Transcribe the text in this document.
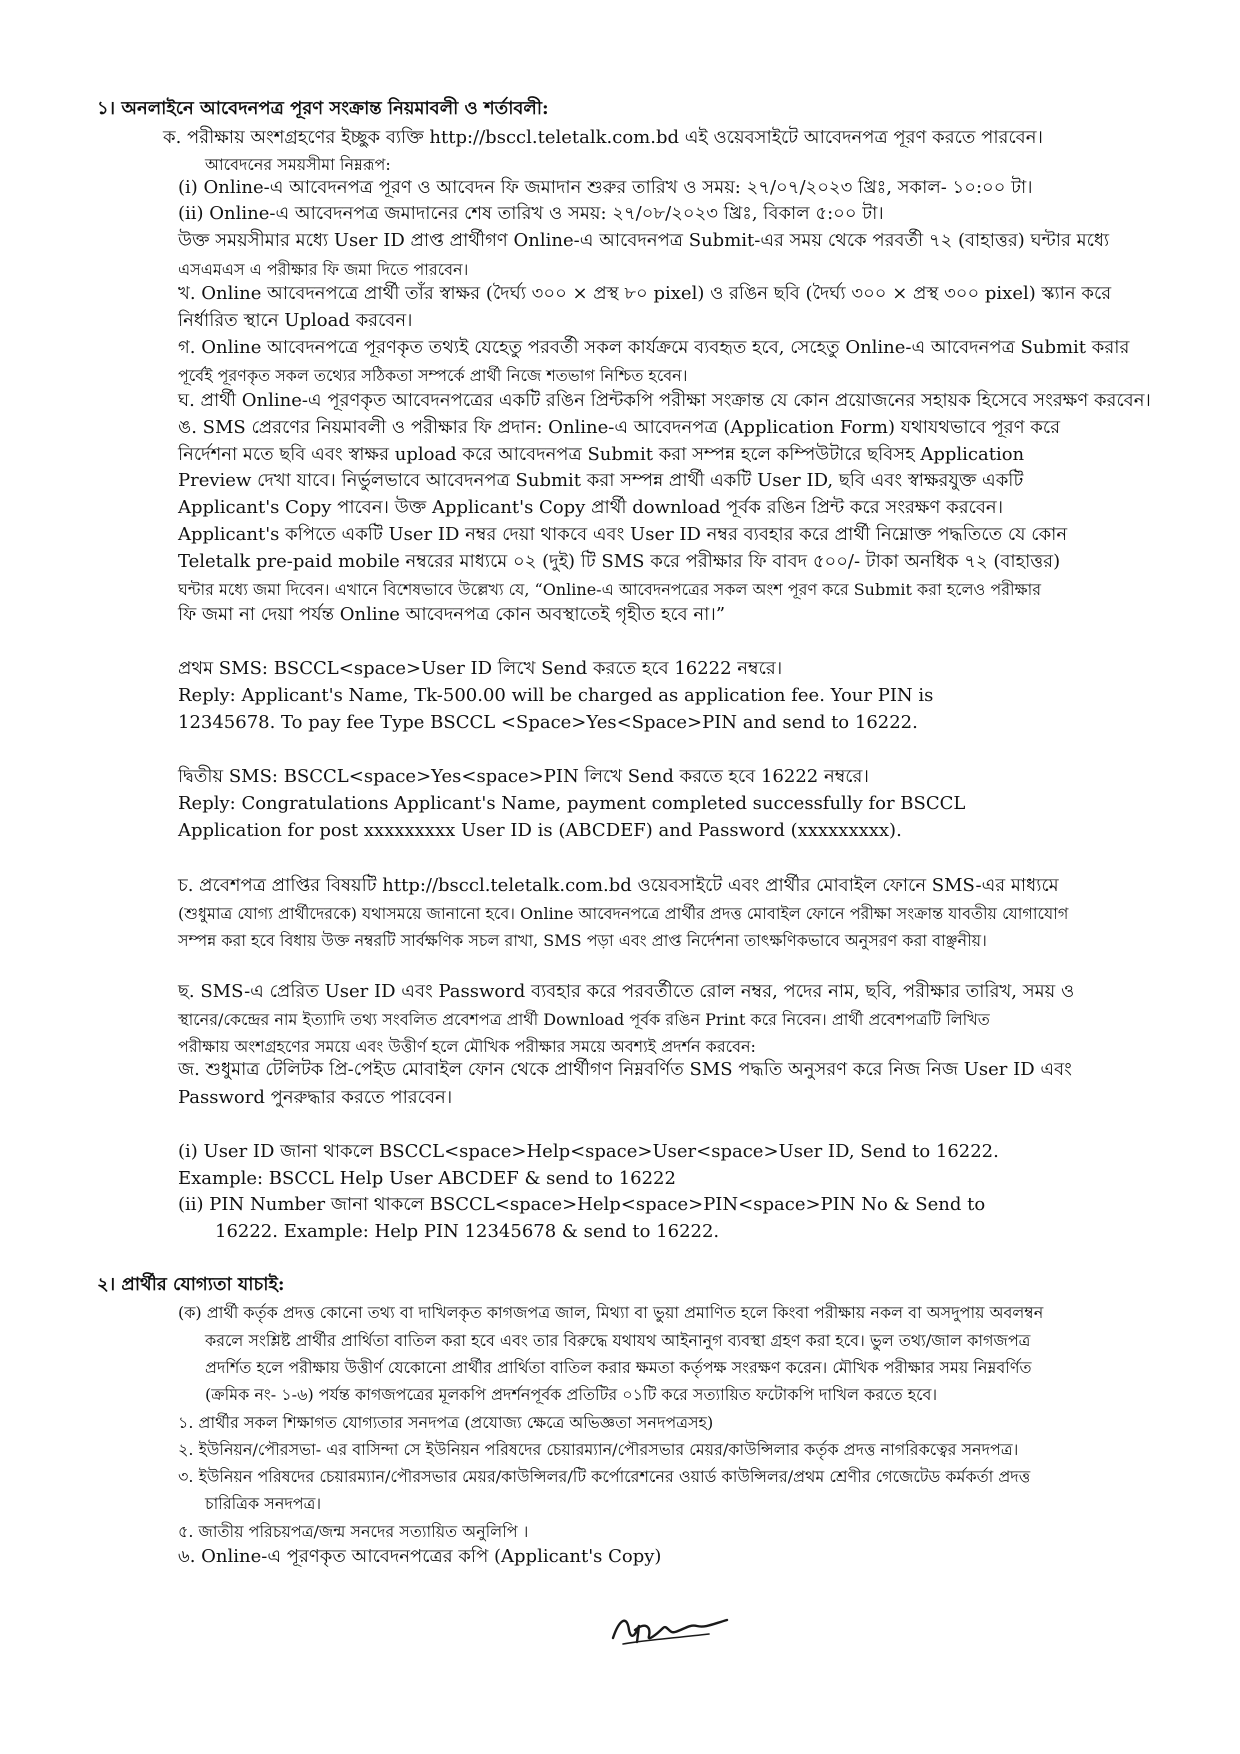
১। অনলাইনে আবেদনপত্র পূরণ সংক্রান্ত নিয়মাবলী ও শর্তাবলী:
ক. পরীক্ষায় অংশগ্রহণের ইচ্ছুক ব্যক্তি http://bsccl.teletalk.com.bd এই ওয়েবসাইটে আবেদনপত্র পূরণ করতে পারবেন।
আবেদনের সময়সীমা নিম্নরূপ:
(i) Online-এ আবেদনপত্র পূরণ ও আবেদন ফি জমাদান শুরুর তারিখ ও সময়: ২৭/০৭/২০২৩ খ্রিঃ, সকাল- ১০:০০ টা।
(ii) Online-এ আবেদনপত্র জমাদানের শেষ তারিখ ও সময়: ২৭/০৮/২০২৩ খ্রিঃ, বিকাল ৫:০০ টা।
উক্ত সময়সীমার মধ্যে User ID প্রাপ্ত প্রার্থীগণ Online-এ আবেদনপত্র Submit-এর সময় থেকে পরবর্তী ৭২ (বাহাত্তর) ঘন্টার মধ্যে
এসএমএস এ পরীক্ষার ফি জমা দিতে পারবেন।
খ. Online আবেদনপত্রে প্রার্থী তাঁর স্বাক্ষর (দৈর্ঘ্য ৩০০ × প্রস্থ ৮০ pixel) ও রঙিন ছবি (দৈর্ঘ্য ৩০০ × প্রস্থ ৩০০ pixel) স্ক্যান করে
নির্ধারিত স্থানে Upload করবেন।
গ. Online আবেদনপত্রে পূরণকৃত তথ্যই যেহেতু পরবর্তী সকল কার্যক্রমে ব্যবহৃত হবে, সেহেতু Online-এ আবেদনপত্র Submit করার
পূর্বেই পূরণকৃত সকল তথ্যের সঠিকতা সম্পর্কে প্রার্থী নিজে শতভাগ নিশ্চিত হবেন।
ঘ. প্রার্থী Online-এ পূরণকৃত আবেদনপত্রের একটি রঙিন প্রিন্টকপি পরীক্ষা সংক্রান্ত যে কোন প্রয়োজনের সহায়ক হিসেবে সংরক্ষণ করবেন।
ঙ. SMS প্রেরণের নিয়মাবলী ও পরীক্ষার ফি প্রদান: Online-এ আবেদনপত্র (Application Form) যথাযথভাবে পূরণ করে
নির্দেশনা মতে ছবি এবং স্বাক্ষর upload করে আবেদনপত্র Submit করা সম্পন্ন হলে কম্পিউটারে ছবিসহ Application
Preview দেখা যাবে। নির্ভুলভাবে আবেদনপত্র Submit করা সম্পন্ন প্রার্থী একটি User ID, ছবি এবং স্বাক্ষরযুক্ত একটি
Applicant's Copy পাবেন। উক্ত Applicant's Copy প্রার্থী download পূর্বক রঙিন প্রিন্ট করে সংরক্ষণ করবেন।
Applicant's কপিতে একটি User ID নম্বর দেয়া থাকবে এবং User ID নম্বর ব্যবহার করে প্রার্থী নিম্নোক্ত পদ্ধতিতে যে কোন
Teletalk pre-paid mobile নম্বরের মাধ্যমে ০২ (দুই) টি SMS করে পরীক্ষার ফি বাবদ ৫০০/- টাকা অনধিক ৭২ (বাহাত্তর)
ঘন্টার মধ্যে জমা দিবেন। এখানে বিশেষভাবে উল্লেখ্য যে, “Online-এ আবেদনপত্রের সকল অংশ পূরণ করে Submit করা হলেও পরীক্ষার
ফি জমা না দেয়া পর্যন্ত Online আবেদনপত্র কোন অবস্থাতেই গৃহীত হবে না।”
প্রথম SMS: BSCCL<space>User ID লিখে Send করতে হবে 16222 নম্বরে।
Reply: Applicant's Name, Tk-500.00 will be charged as application fee. Your PIN is
12345678. To pay fee Type BSCCL <Space>Yes<Space>PIN and send to 16222.
দ্বিতীয় SMS: BSCCL<space>Yes<space>PIN লিখে Send করতে হবে 16222 নম্বরে।
Reply: Congratulations Applicant's Name, payment completed successfully for BSCCL
Application for post xxxxxxxxx User ID is (ABCDEF) and Password (xxxxxxxxx).
চ. প্রবেশপত্র প্রাপ্তির বিষয়টি http://bsccl.teletalk.com.bd ওয়েবসাইটে এবং প্রার্থীর মোবাইল ফোনে SMS-এর মাধ্যমে
(শুধুমাত্র যোগ্য প্রার্থীদেরকে) যথাসময়ে জানানো হবে। Online আবেদনপত্রে প্রার্থীর প্রদত্ত মোবাইল ফোনে পরীক্ষা সংক্রান্ত যাবতীয় যোগাযোগ
সম্পন্ন করা হবে বিধায় উক্ত নম্বরটি সার্বক্ষণিক সচল রাখা, SMS পড়া এবং প্রাপ্ত নির্দেশনা তাৎক্ষণিকভাবে অনুসরণ করা বাঞ্ছনীয়।
ছ. SMS-এ প্রেরিত User ID এবং Password ব্যবহার করে পরবর্তীতে রোল নম্বর, পদের নাম, ছবি, পরীক্ষার তারিখ, সময় ও
স্থানের/কেন্দ্রের নাম ইত্যাদি তথ্য সংবলিত প্রবেশপত্র প্রার্থী Download পূর্বক রঙিন Print করে নিবেন। প্রার্থী প্রবেশপত্রটি লিখিত
পরীক্ষায় অংশগ্রহণের সময়ে এবং উত্তীর্ণ হলে মৌখিক পরীক্ষার সময়ে অবশ্যই প্রদর্শন করবেন:
জ. শুধুমাত্র টেলিটক প্রি-পেইড মোবাইল ফোন থেকে প্রার্থীগণ নিম্নবর্ণিত SMS পদ্ধতি অনুসরণ করে নিজ নিজ User ID এবং
Password পুনরুদ্ধার করতে পারবেন।
(i) User ID জানা থাকলে BSCCL<space>Help<space>User<space>User ID, Send to 16222.
Example: BSCCL Help User ABCDEF & send to 16222
(ii) PIN Number জানা থাকলে BSCCL<space>Help<space>PIN<space>PIN No & Send to
16222. Example: Help PIN 12345678 & send to 16222.
২। প্রার্থীর যোগ্যতা যাচাই:
(ক) প্রার্থী কর্তৃক প্রদত্ত কোনো তথ্য বা দাখিলকৃত কাগজপত্র জাল, মিথ্যা বা ভুয়া প্রমাণিত হলে কিংবা পরীক্ষায় নকল বা অসদুপায় অবলম্বন
করলে সংশ্লিষ্ট প্রার্থীর প্রার্থিতা বাতিল করা হবে এবং তার বিরুদ্ধে যথাযথ আইনানুগ ব্যবস্থা গ্রহণ করা হবে। ভুল তথ্য/জাল কাগজপত্র
প্রদর্শিত হলে পরীক্ষায় উত্তীর্ণ যেকোনো প্রার্থীর প্রার্থিতা বাতিল করার ক্ষমতা কর্তৃপক্ষ সংরক্ষণ করেন। মৌখিক পরীক্ষার সময় নিম্নবর্ণিত
(ক্রমিক নং- ১-৬) পর্যন্ত কাগজপত্রের মূলকপি প্রদর্শনপূর্বক প্রতিটির ০১টি করে সত্যায়িত ফটোকপি দাখিল করতে হবে।
১. প্রার্থীর সকল শিক্ষাগত যোগ্যতার সনদপত্র (প্রযোজ্য ক্ষেত্রে অভিজ্ঞতা সনদপত্রসহ)
২. ইউনিয়ন/পৌরসভা- এর বাসিন্দা সে ইউনিয়ন পরিষদের চেয়ারম্যান/পৌরসভার মেয়র/কাউন্সিলার কর্তৃক প্রদত্ত নাগরিকত্বের সনদপত্র।
৩. ইউনিয়ন পরিষদের চেয়ারম্যান/পৌরসভার মেয়র/কাউন্সিলর/টি কর্পোরেশনের ওয়ার্ড কাউন্সিলর/প্রথম শ্রেণীর গেজেটেড কর্মকর্তা প্রদত্ত
চারিত্রিক সনদপত্র।
৫. জাতীয় পরিচয়পত্র/জন্ম সনদের সত্যায়িত অনুলিপি ।
৬. Online-এ পূরণকৃত আবেদনপত্রের কপি (Applicant's Copy)
